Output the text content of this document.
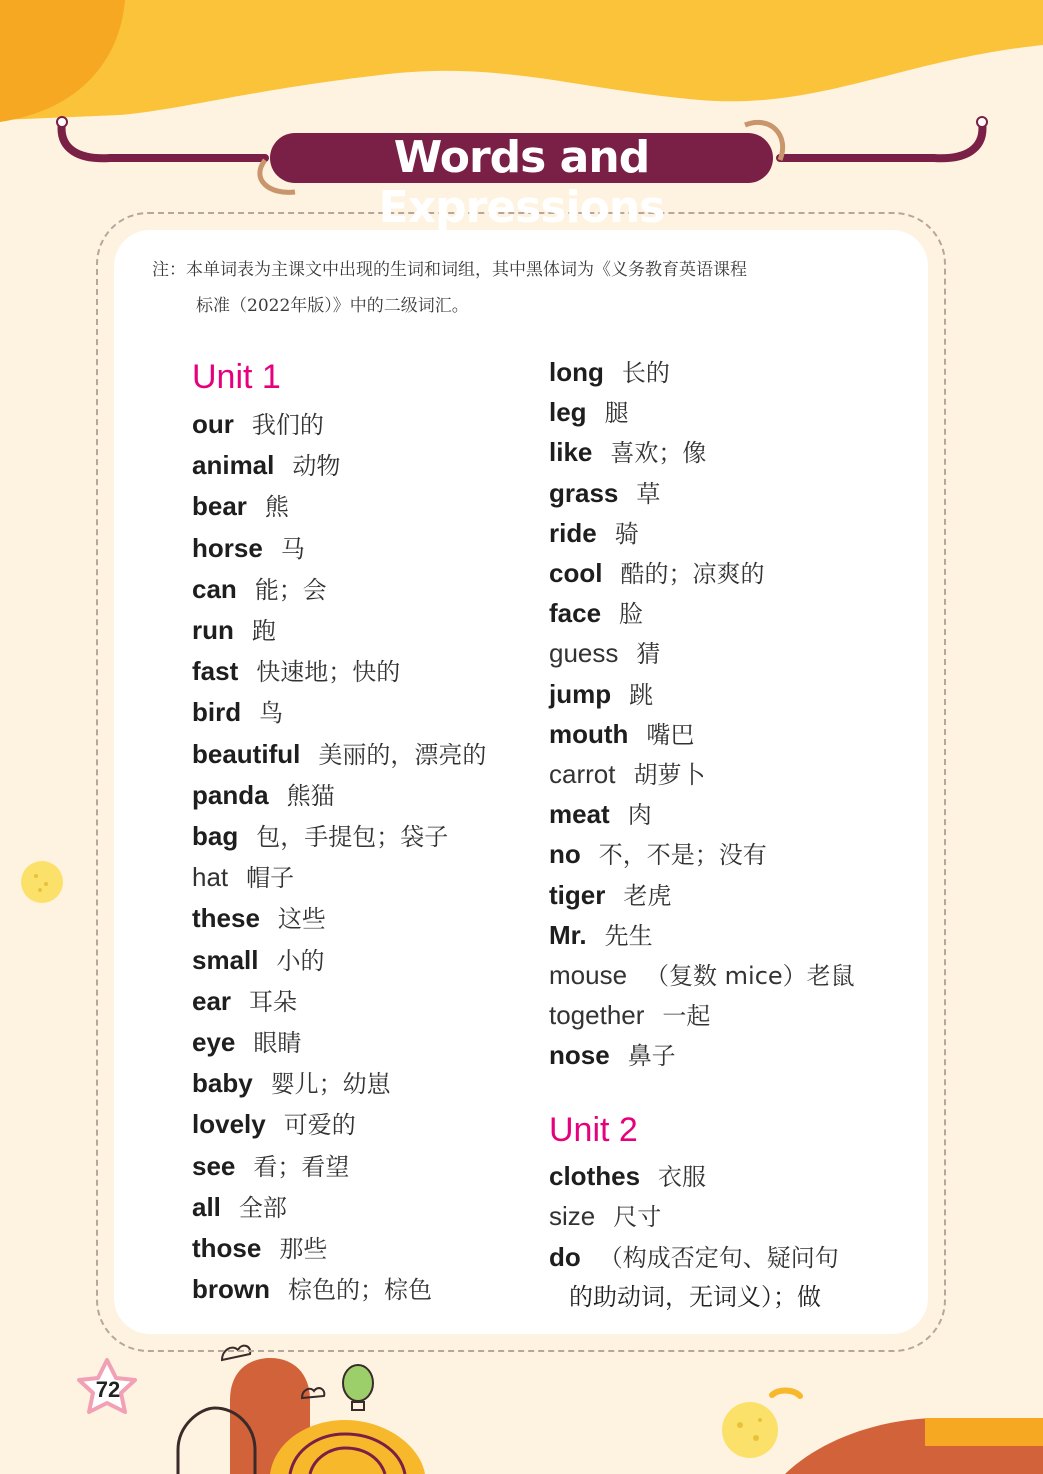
Words and Expressions
注：本单词表为主课文中出现的生词和词组，其中黑体词为《义务教育英语课程
标准（2022年版）》中的二级词汇。
Unit 1
our 我们的
animal 动物
bear 熊
horse 马
can 能；会
run 跑
fast 快速地；快的
bird 鸟
beautiful 美丽的，漂亮的
panda 熊猫
bag 包，手提包；袋子
hat 帽子
these 这些
small 小的
ear 耳朵
eye 眼睛
baby 婴儿；幼崽
lovely 可爱的
see 看；看望
all 全部
those 那些
brown 棕色的；棕色
long 长的
leg 腿
like 喜欢；像
grass 草
ride 骑
cool 酷的；凉爽的
face 脸
guess 猜
jump 跳
mouth 嘴巴
carrot 胡萝卜
meat 肉
no 不，不是；没有
tiger 老虎
Mr. 先生
mouse （复数 mice）老鼠
together 一起
nose 鼻子
Unit 2
clothes 衣服
size 尺寸
do （构成否定句、疑问句
的助动词，无词义）；做
72
